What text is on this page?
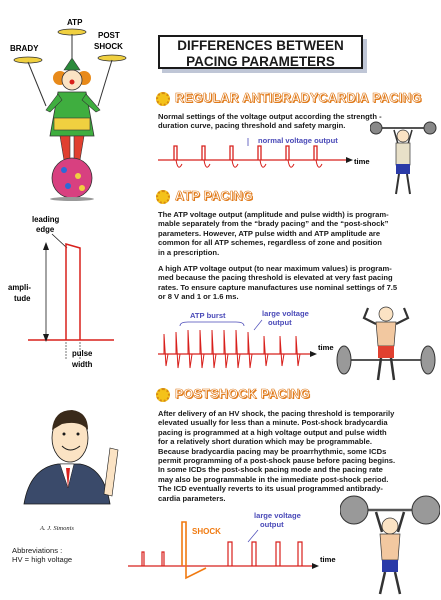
DIFFERENCES BETWEEN
PACING PARAMETERS
BRADY
ATP
POST
SHOCK
REGULAR ANTIBRADYCARDIA PACING
Normal settings of the voltage output according the strength -
duration curve, pacing threshold and safety margin.
normal voltage output
time
leading
edge
ampli-
tude
pulse
width
ATP PACING
The ATP voltage output (amplitude and pulse width) is program-
mable separately from the “brady pacing” and the “post-shock”
parameters. However, ATP pulse width and ATP amplitude are
common for all ATP schemes, regardless of zone and position
in a prescription.
A high ATP voltage output (to near maximum values) is program-
med because the pacing threshold is elevated at very fast pacing
rates. To ensure capture manufactures use nominal settings of 7.5
or 8 V and 1 or 1.6 ms.
ATP burst	large voltage
output
time
POSTSHOCK PACING
After delivery of an HV shock, the pacing threshold is temporarily
elevated usually for less than a minute. Post-shock bradycardia
pacing is programmed at a high voltage output and pulse width
for a relatively short duration which may be programmable.
Because bradycardia pacing may be proarrhythmic, some ICDs
permit programming of a post-shock pause before pacing begins.
In some ICDs the post-shock pacing mode and the pacing rate
may also be programmable in the immediate post-shock period.
The ICD eventually reverts to its usual programmed antibrady-
cardia parameters.
A. J. Simonis
Abbreviations :
HV = high voltage
large voltage
output
SHOCK
time
